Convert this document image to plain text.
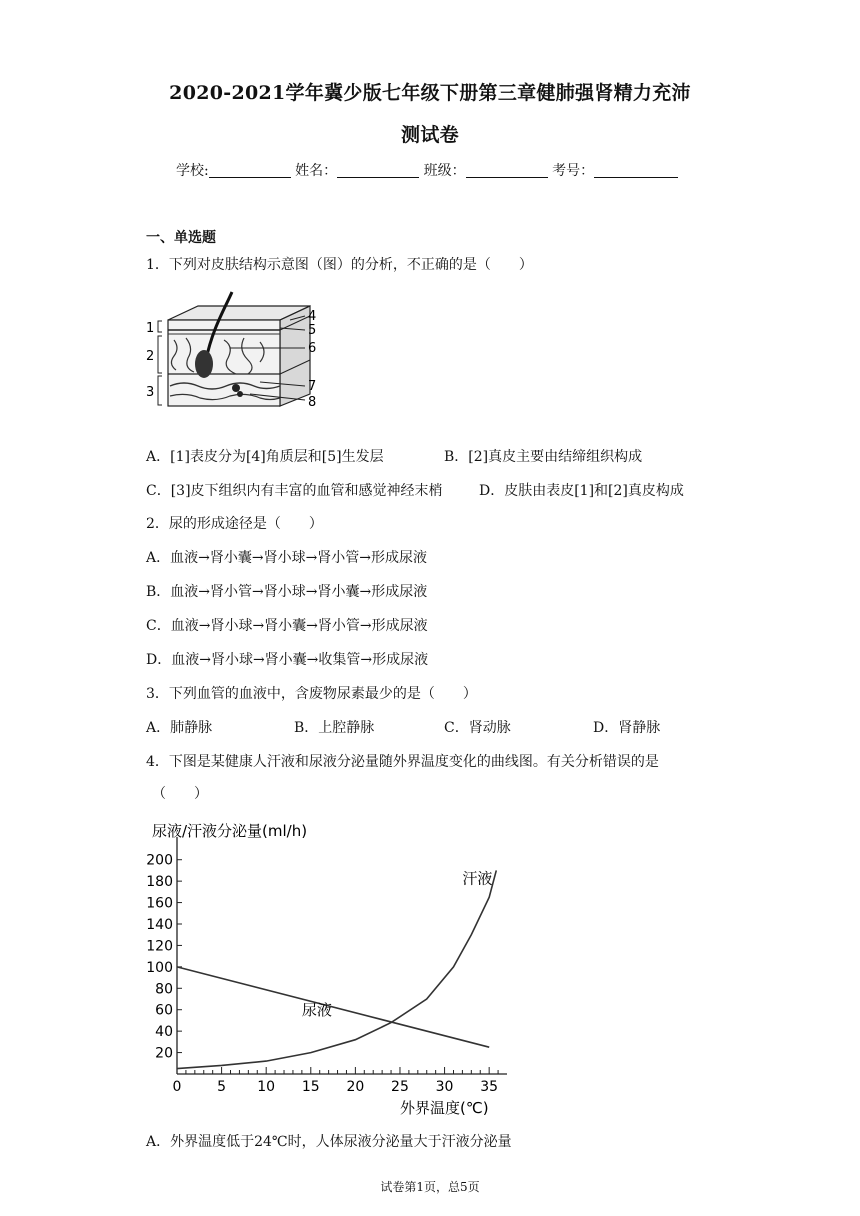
2020-2021学年冀少版七年级下册第三章健肺强肾精力充沛
测试卷
学校:	姓名：	班级：	考号：
一、单选题
1．下列对皮肤结构示意图（图）的分析，不正确的是（　　）
1
2
3
4
5
6
7
8
A．[1]表皮分为[4]角质层和[5]生发层	B．[2]真皮主要由结缔组织构成
C．[3]皮下组织内有丰富的血管和感觉神经末梢	D．皮肤由表皮[1]和[2]真皮构成
2．尿的形成途径是（　　）
A．血液→肾小囊→肾小球→肾小管→形成尿液
B．血液→肾小管→肾小球→肾小囊→形成尿液
C．血液→肾小球→肾小囊→肾小管→形成尿液
D．血液→肾小球→肾小囊→收集管→形成尿液
3．下列血管的血液中，含废物尿素最少的是（　　）
A．肺静脉	B．上腔静脉	C．肾动脉	D．肾静脉
4．下图是某健康人汗液和尿液分泌量随外界温度变化的曲线图。有关分析错误的是
（　　）
尿液/汗液分泌量(ml/h)
0	5 10 15 20 25 30 35
20
40
60
80
100
120
140
160
180
200
尿液
汗液
外界温度(℃)
A．外界温度低于24℃时，人体尿液分泌量大于汗液分泌量
试卷第1页，总5页
